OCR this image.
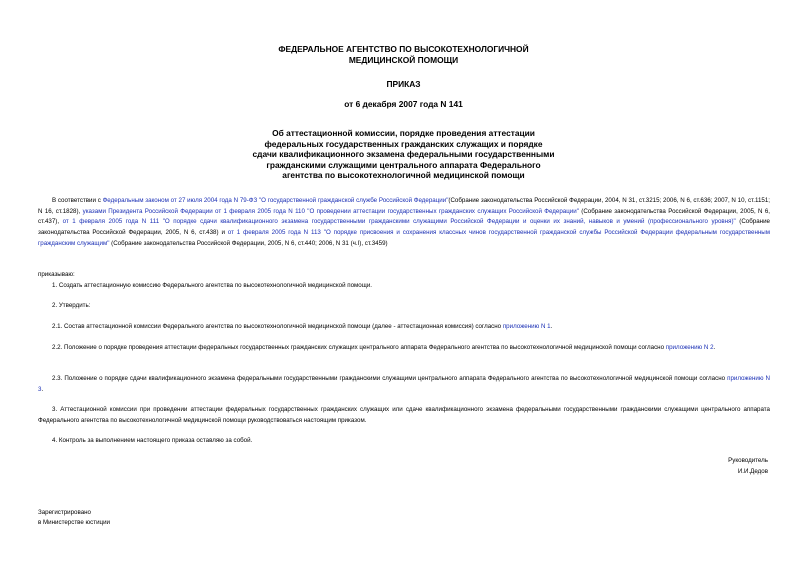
ФЕДЕРАЛЬНОЕ АГЕНТСТВО ПО ВЫСОКОТЕХНОЛОГИЧНОЙ
МЕДИЦИНСКОЙ ПОМОЩИ
ПРИКАЗ
от 6 декабря 2007 года N 141
Об аттестационной комиссии, порядке проведения аттестации
федеральных государственных гражданских служащих и порядке
сдачи квалификационного экзамена федеральными государственными
гражданскими служащими центрального аппарата Федерального
агентства по высокотехнологичной медицинской помощи
В соответствии с Федеральным законом от 27 июля 2004 года N 79-ФЗ "О государственной гражданской службе Российской Федерации"(Собрание законодательства Российской Федерации, 2004, N 31, ст.3215; 2006, N 6, ст.636; 2007, N 10, ст.1151; N 16, ст.1828), указами Президента Российской Федерации от 1 февраля 2005 года N 110 "О проведении аттестации государственных гражданских служащих Российской Федерации" (Собрание законодательства Российской Федерации, 2005, N 6, ст.437), от 1 февраля 2005 года N 111 "О порядке сдачи квалификационного экзамена государственными гражданскими служащими Российской Федерации и оценки их знаний, навыков и умений (профессионального уровня)" (Собрание законодательства Российской Федерации, 2005, N 6, ст.438) и от 1 февраля 2005 года N 113 "О порядке присвоения и сохранения классных чинов государственной гражданской службы Российской Федерации федеральным государственным гражданским служащим" (Собрание законодательства Российской Федерации, 2005, N 6, ст.440; 2006, N 31 (ч.I), ст.3459)
приказываю:
1. Создать аттестационную комиссию Федерального агентства по высокотехнологичной медицинской помощи.
2. Утвердить:
2.1. Состав аттестационной комиссии Федерального агентства по высокотехнологичной медицинской помощи (далее - аттестационная комиссия) согласно приложению N 1.
2.2. Положение о порядке проведения аттестации федеральных государственных гражданских служащих центрального аппарата Федерального агентства по высокотехнологичной медицинской помощи согласно приложению N 2.
2.3. Положение о порядке сдачи квалификационного экзамена федеральными государственными гражданскими служащими центрального аппарата Федерального агентства по высокотехнологичной медицинской помощи согласно приложению N 3.
3. Аттестационной комиссии при проведении аттестации федеральных государственных гражданских служащих или сдаче квалификационного экзамена федеральными государственными гражданскими служащими центрального аппарата Федерального агентства по высокотехнологичной медицинской помощи руководствоваться настоящим приказом.
4. Контроль за выполнением настоящего приказа оставляю за собой.
Руководитель
И.И.Дедов
Зарегистрировано
в Министерстве юстиции
